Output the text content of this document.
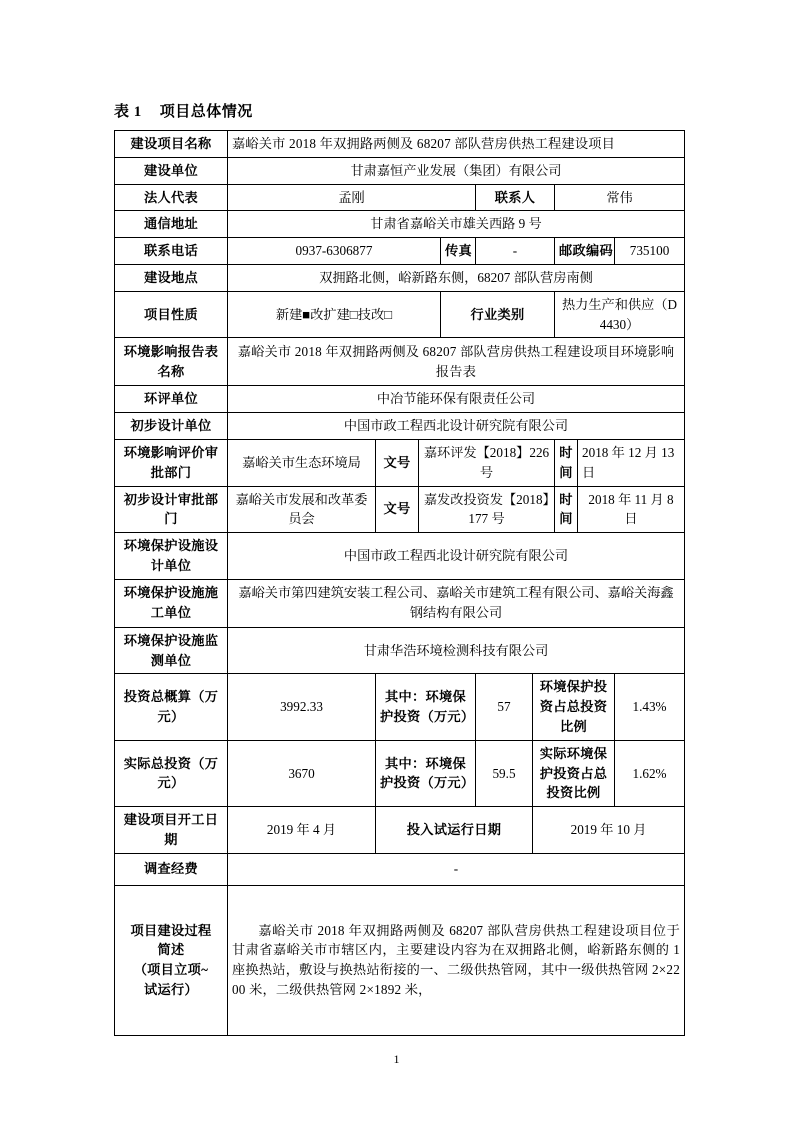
表 1 项目总体情况
建设项目名称	嘉峪关市 2018 年双拥路两侧及 68207 部队营房供热工程建设项目								
建设单位	甘肃嘉恒产业发展（集团）有限公司								
法人代表	孟刚				联系人		常伟		
通信地址	甘肃省嘉峪关市雄关西路 9 号								
联系电话	0937-6306877			传真	-		邮政编码		735100
建设地点	双拥路北侧，峪新路东侧，68207 部队营房南侧								
项目性质	新建■改扩建□技改□			行业类别			热力生产和供应（D4430）		
环境影响报告表名称	嘉峪关市 2018 年双拥路两侧及 68207 部队营房供热工程建设项目环境影响报告表								
环评单位	中冶节能环保有限责任公司								
初步设计单位	中国市政工程西北设计研究院有限公司								
环境影响评价审批部门	嘉峪关市生态环境局	文号	嘉环评发【2018】226 号				时间	2018 年 12 月 13 日	
初步设计审批部门	嘉峪关市发展和改革委员会	文号	嘉发改投资发【2018】177 号				时间	2018 年 11 月 8 日	
环境保护设施设计单位	中国市政工程西北设计研究院有限公司								
环境保护设施施工单位	嘉峪关市第四建筑安装工程公司、嘉峪关市建筑工程有限公司、嘉峪关海鑫钢结构有限公司								
环境保护设施监测单位	甘肃华浩环境检测科技有限公司								
投资总概算（万元）	3992.33	其中：环境保护投资（万元）			57	环境保护投资占总投资比例			1.43%
实际总投资（万元）	3670	其中：环境保护投资（万元）			59.5	实际环境保护投资占总投资比例			1.62%
建设项目开工日期	2019 年 4 月	投入试运行日期				2019 年 10 月			
调查经费	-								

项目建设过程
简述
（项目立项~
试运行）	嘉峪关市 2018 年双拥路两侧及 68207 部队营房供热工程建设项目位于甘肃省嘉峪关市市辖区内，主要建设内容为在双拥路北侧，峪新路东侧的 1 座换热站，敷设与换热站衔接的一、二级供热管网，其中一级供热管网 2×2200 米，二级供热管网 2×1892 米，								
1
